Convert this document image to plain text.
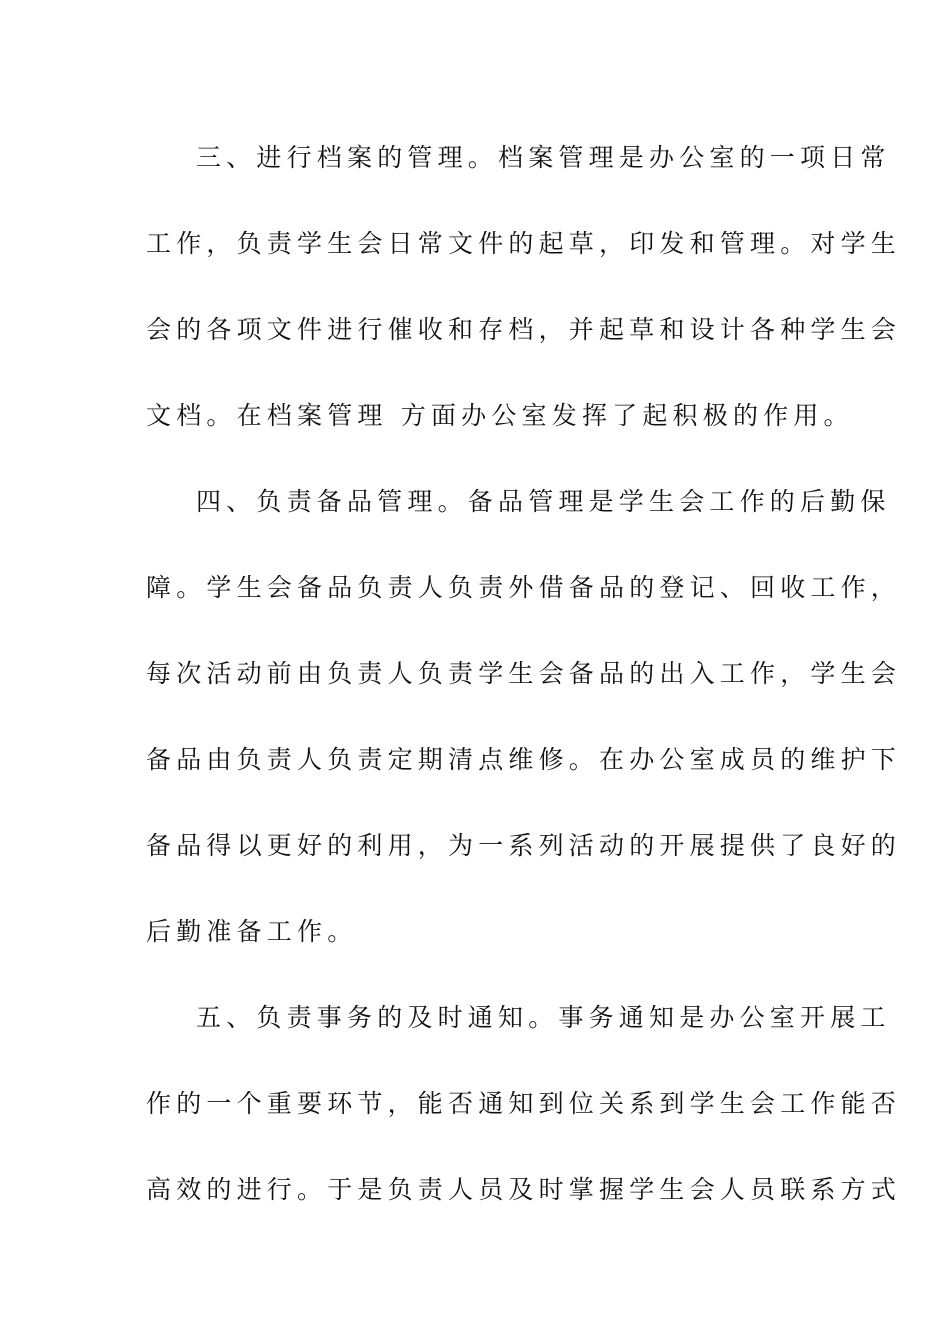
三、进行档案的管理。档案管理是办公室的一项日常
工作，负责学生会日常文件的起草，印发和管理。对学生
会的各项文件进行催收和存档，并起草和设计各种学生会
文档。在档案管理 方面办公室发挥了起积极的作用。
四、负责备品管理。备品管理是学生会工作的后勤保
障。学生会备品负责人负责外借备品的登记、回收工作，
每次活动前由负责人负责学生会备品的出入工作，学生会
备品由负责人负责定期清点维修。在办公室成员的维护下
备品得以更好的利用，为一系列活动的开展提供了良好的
后勤准备工作。
五、负责事务的及时通知。事务通知是办公室开展工
作的一个重要环节，能否通知到位关系到学生会工作能否
高效的进行。于是负责人员及时掌握学生会人员联系方式
